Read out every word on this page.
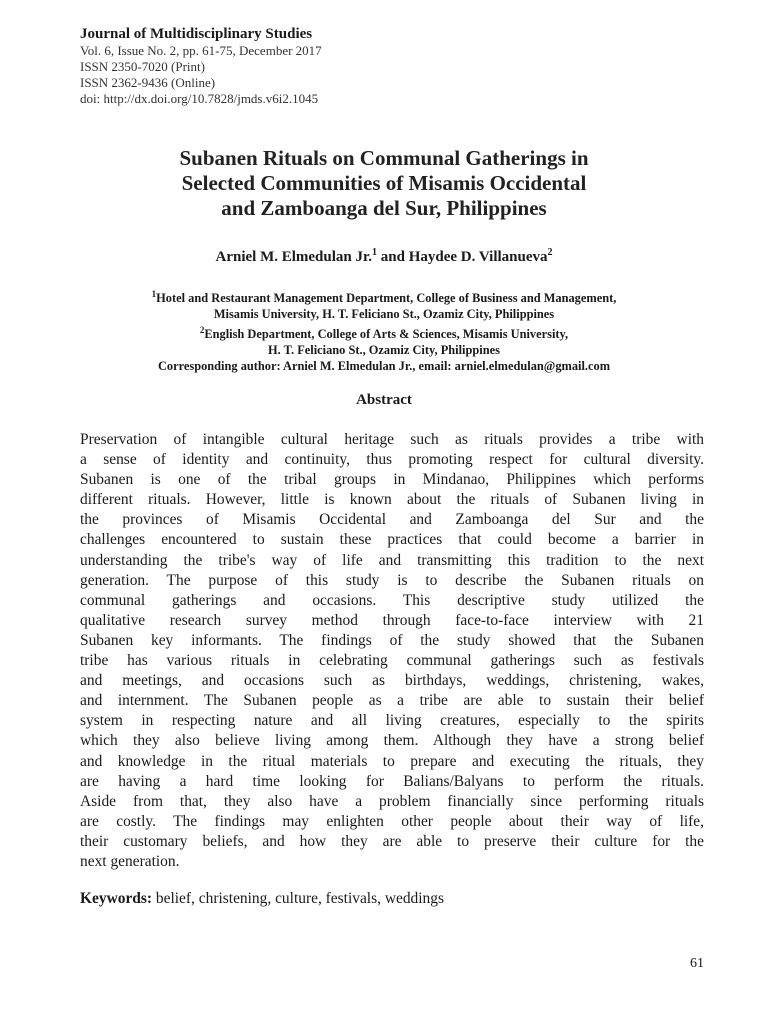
Journal of Multidisciplinary Studies
Vol. 6, Issue No. 2, pp. 61-75, December 2017
ISSN 2350-7020 (Print)
ISSN 2362-9436 (Online)
doi: http://dx.doi.org/10.7828/jmds.v6i2.1045
Subanen Rituals on Communal Gatherings in
Selected Communities of Misamis Occidental
and Zamboanga del Sur, Philippines
Arniel M. Elmedulan Jr.$^1$ and Haydee D. Villanueva$^2$
$^1$Hotel and Restaurant Management Department, College of Business and Management,
Misamis University, H. T. Feliciano St., Ozamiz City, Philippines
$^2$English Department, College of Arts & Sciences, Misamis University,
H. T. Feliciano St., Ozamiz City, Philippines
Corresponding author: Arniel M. Elmedulan Jr., email: arniel.elmedulan@gmail.com
Abstract
Preservation of intangible cultural heritage such as rituals provides a tribe with
a sense of identity and continuity, thus promoting respect for cultural diversity.
Subanen is one of the tribal groups in Mindanao, Philippines which performs
different rituals. However, little is known about the rituals of Subanen living in
the provinces of Misamis Occidental and Zamboanga del Sur and the
challenges encountered to sustain these practices that could become a barrier in
understanding the tribe's way of life and transmitting this tradition to the next
generation. The purpose of this study is to describe the Subanen rituals on
communal gatherings and occasions. This descriptive study utilized the
qualitative research survey method through face-to-face interview with 21
Subanen key informants. The findings of the study showed that the Subanen
tribe has various rituals in celebrating communal gatherings such as festivals
and meetings, and occasions such as birthdays, weddings, christening, wakes,
and internment. The Subanen people as a tribe are able to sustain their belief
system in respecting nature and all living creatures, especially to the spirits
which they also believe living among them. Although they have a strong belief
and knowledge in the ritual materials to prepare and executing the rituals, they
are having a hard time looking for Balians/Balyans to perform the rituals.
Aside from that, they also have a problem financially since performing rituals
are costly. The findings may enlighten other people about their way of life,
their customary beliefs, and how they are able to preserve their culture for the
next generation.
Keywords: belief, christening, culture, festivals, weddings
61
